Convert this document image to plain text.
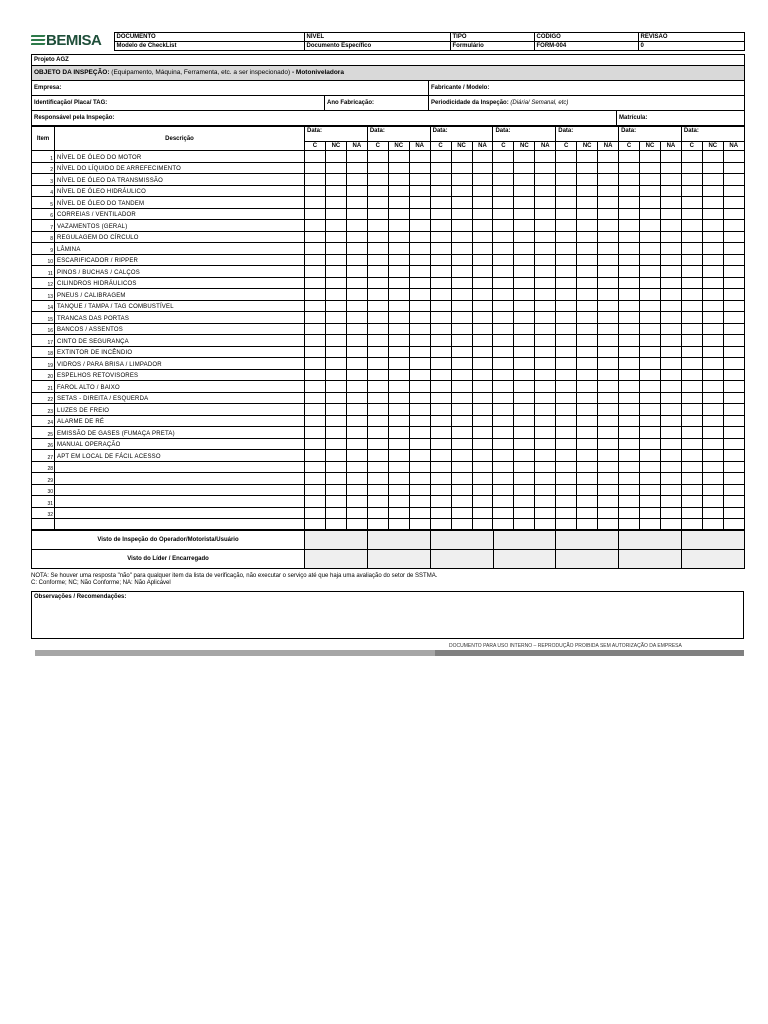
BEMISA	DOCUMENTO	NÍVEL	TIPO	CÓDIGO	REVISÃO
	Modelo de CheckList	Documento Específico	Formulário	FORM-004	0
Projeto AGZ			
OBJETO DA INSPEÇÃO: (Equipamento, Máquina, Ferramenta, etc. a ser inspecionado) - Motoniveladora			
Empresa:		Fabricante / Modelo:	
Identificação/ Placa/ TAG:	Ano Fabricação:	Periodicidade da Inspeção: (Diária/ Semanal, etc)	
Responsável pela Inspeção:			Matrícula:
Item	Descrição	Data:			Data:			Data:			Data:			Data:			Data:			Data:		
		C	NC	NA	C	NC	NA	C	NC	NA	C	NC	NA	C	NC	NA	C	NC	NA	C	NC	NA
1	NÍVEL DE ÓLEO DO MOTOR																					
2	NÍVEL DO LÍQUIDO DE ARREFECIMENTO																					
3	NÍVEL DE ÓLEO DA TRANSMISSÃO																					
4	NÍVEL DE ÓLEO HIDRÁULICO																					
5	NÍVEL DE ÓLEO DO TANDEM																					
6	CORREIAS / VENTILADOR																					
7	VAZAMENTOS (GERAL)																					
8	REGULAGEM DO CÍRCULO																					
9	LÂMINA																					
10	ESCARIFICADOR / RIPPER																					
11	PINOS / BUCHAS / CALÇOS																					
12	CILINDROS HIDRÁULICOS																					
13	PNEUS / CALIBRAGEM																					
14	TANQUE / TAMPA / TAG COMBUSTÍVEL																					
15	TRANCAS DAS PORTAS																					
16	BANCOS / ASSENTOS																					
17	CINTO DE SEGURANÇA																					
18	EXTINTOR DE INCÊNDIO																					
19	VIDROS / PARA BRISA / LIMPADOR																					
20	ESPELHOS RETOVISORES																					
21	FAROL ALTO / BAIXO																					
22	SETAS - DIREITA / ESQUERDA																					
23	LUZES DE FREIO																					
24	ALARME DE RÉ																					
25	EMISSÃO DE GASES (FUMAÇA PRETA)																					
26	MANUAL OPERAÇÃO																					
27	APT EM LOCAL DE FÁCIL ACESSO																					
28																						
29																						
30																						
31																						
32																						

Visto de Inspeção do Operador/Motorista/Usuário							
Visto do Líder / Encarregado							
NOTA: Se houver uma resposta "não" para qualquer item da lista de verificação, não executar o serviço até que haja uma avaliação do setor de SSTMA.
C: Conforme; NC; Não Conforme; NA: Não Aplicável
Observações / Recomendações:
DOCUMENTO PARA USO INTERNO – REPRODUÇÃO PROIBIDA SEM AUTORIZAÇÃO DA EMPRESA
